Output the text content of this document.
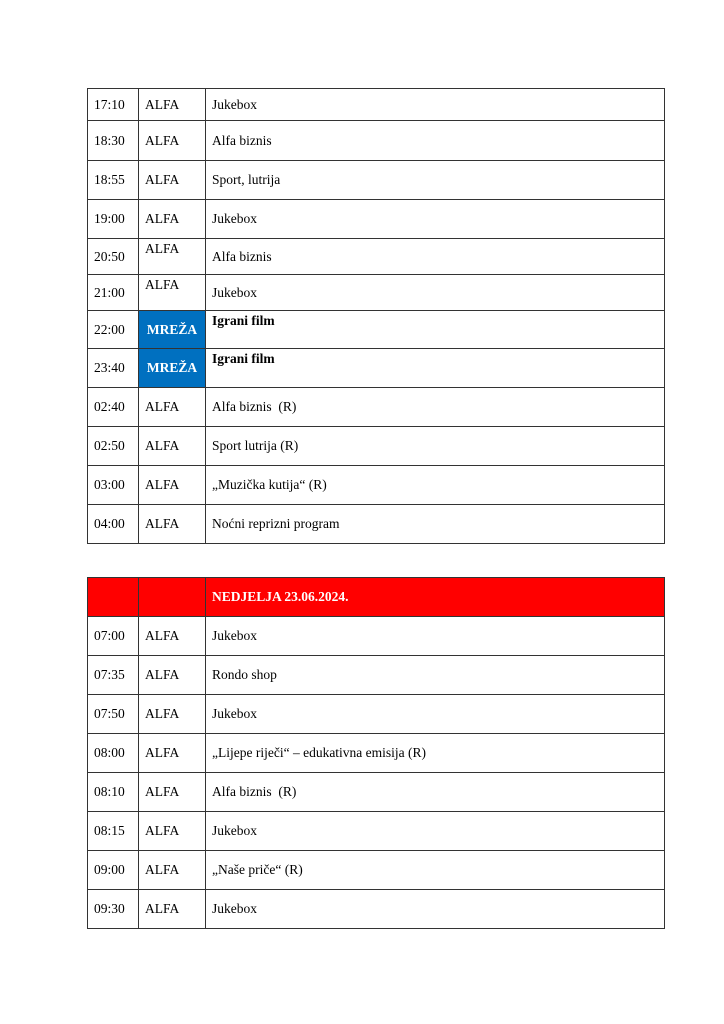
17:10	ALFA	Jukebox
18:30	ALFA	Alfa biznis
18:55	ALFA	Sport, lutrija
19:00	ALFA	Jukebox
20:50	ALFA	Alfa biznis
21:00	ALFA	Jukebox
22:00	MREŽA	Igrani film
23:40	MREŽA	Igrani film
02:40	ALFA	Alfa biznis  (R)
02:50	ALFA	Sport lutrija (R)
03:00	ALFA	„Muzička kutija“ (R)
04:00	ALFA	Noćni reprizni program
		NEDJELJA 23.06.2024.
07:00	ALFA	Jukebox
07:35	ALFA	Rondo shop
07:50	ALFA	Jukebox
08:00	ALFA	„Lijepe riječi“ – edukativna emisija (R)
08:10	ALFA	Alfa biznis  (R)
08:15	ALFA	Jukebox
09:00	ALFA	„Naše priče“ (R)
09:30	ALFA	Jukebox
